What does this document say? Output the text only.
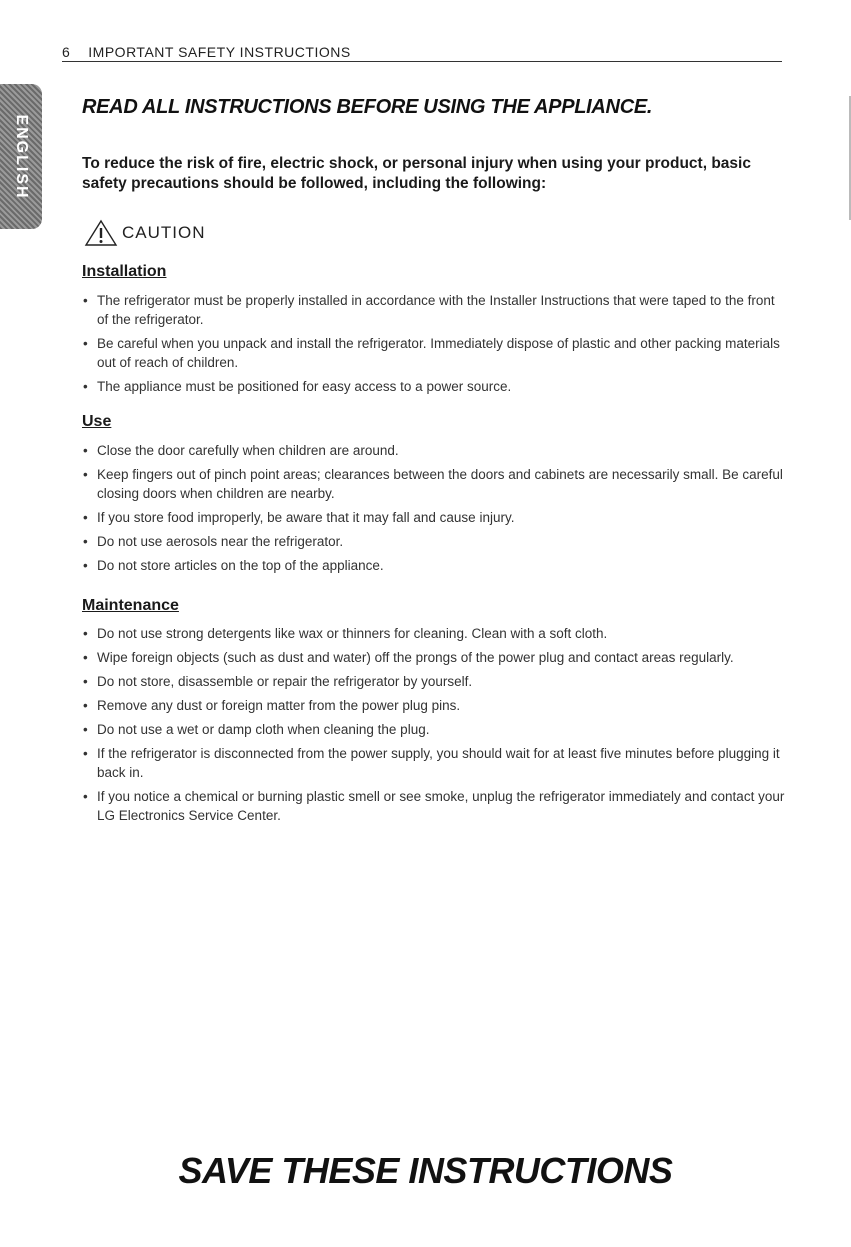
6 IMPORTANT SAFETY INSTRUCTIONS
ENGLISH
READ ALL INSTRUCTIONS BEFORE USING THE APPLIANCE.
To reduce the risk of fire, electric shock, or personal injury when using your product, basic safety precautions should be followed, including the following:
CAUTION
Installation
• The refrigerator must be properly installed in accordance with the Installer Instructions that were taped to the front of the refrigerator.
• Be careful when you unpack and install the refrigerator. Immediately dispose of plastic and other packing materials out of reach of children.
• The appliance must be positioned for easy access to a power source.
Use
• Close the door carefully when children are around.
• Keep fingers out of pinch point areas; clearances between the doors and cabinets are necessarily small. Be careful closing doors when children are nearby.
• If you store food improperly, be aware that it may fall and cause injury.
• Do not use aerosols near the refrigerator.
• Do not store articles on the top of the appliance.
Maintenance
• Do not use strong detergents like wax or thinners for cleaning. Clean with a soft cloth.
• Wipe foreign objects (such as dust and water) off the prongs of the power plug and contact areas regularly.
• Do not store, disassemble or repair the refrigerator by yourself.
• Remove any dust or foreign matter from the power plug pins.
• Do not use a wet or damp cloth when cleaning the plug.
• If the refrigerator is disconnected from the power supply, you should wait for at least five minutes before plugging it back in.
• If you notice a chemical or burning plastic smell or see smoke, unplug the refrigerator immediately and contact your LG Electronics Service Center.
SAVE THESE INSTRUCTIONS
